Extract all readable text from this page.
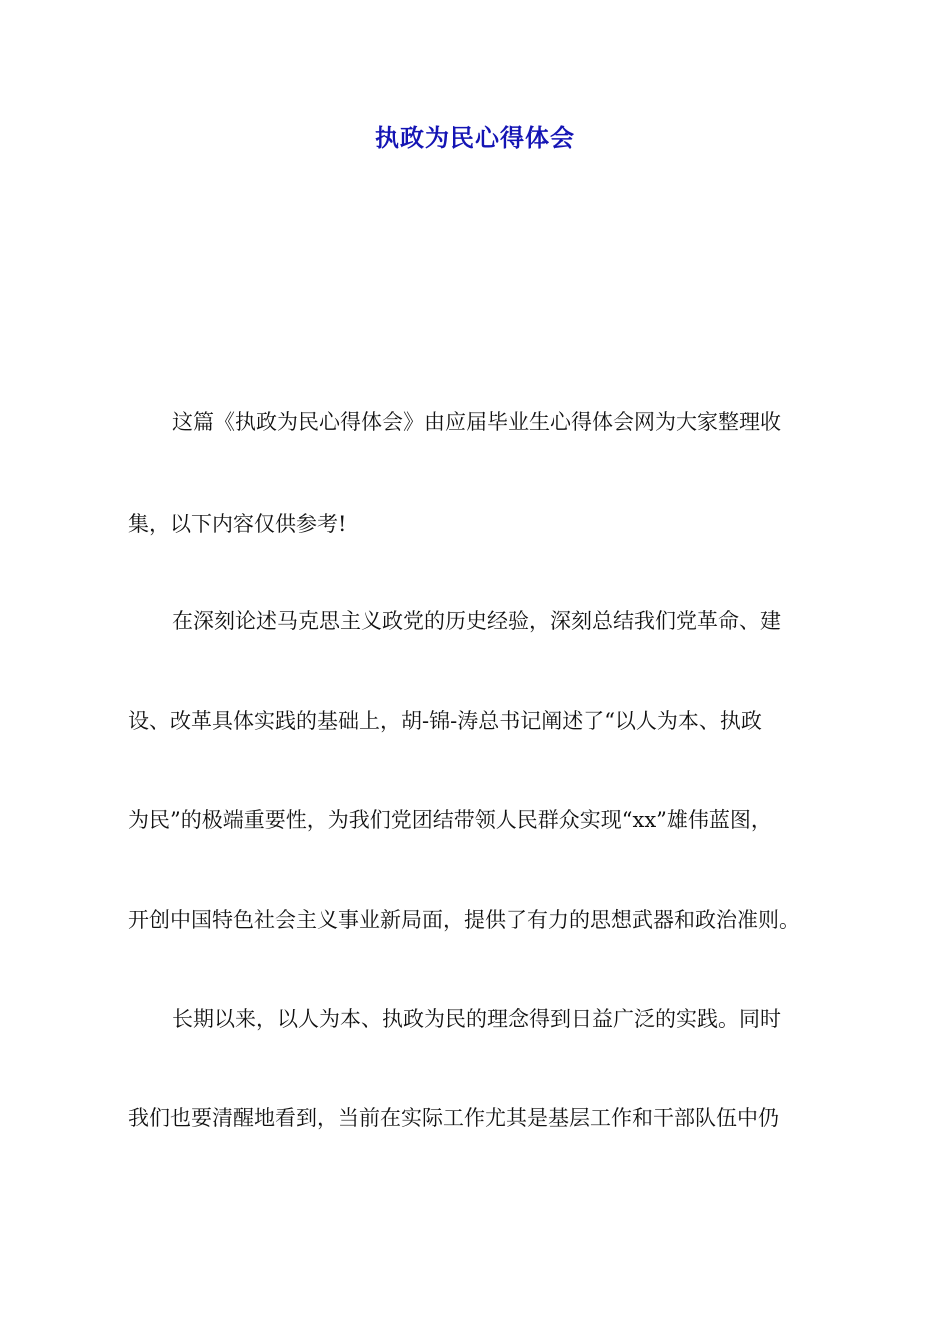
执政为民心得体会

这篇《执政为民心得体会》由应届毕业生心得体会网为大家整理收

集，以下内容仅供参考!

在深刻论述马克思主义政党的历史经验，深刻总结我们党革命、建

设、改革具体实践的基础上，胡-锦-涛总书记阐述了“以人为本、执政

为民”的极端重要性，为我们党团结带领人民群众实现“xx”雄伟蓝图，

开创中国特色社会主义事业新局面，提供了有力的思想武器和政治准则。

长期以来，以人为本、执政为民的理念得到日益广泛的实践。同时

我们也要清醒地看到，当前在实际工作尤其是基层工作和干部队伍中仍
